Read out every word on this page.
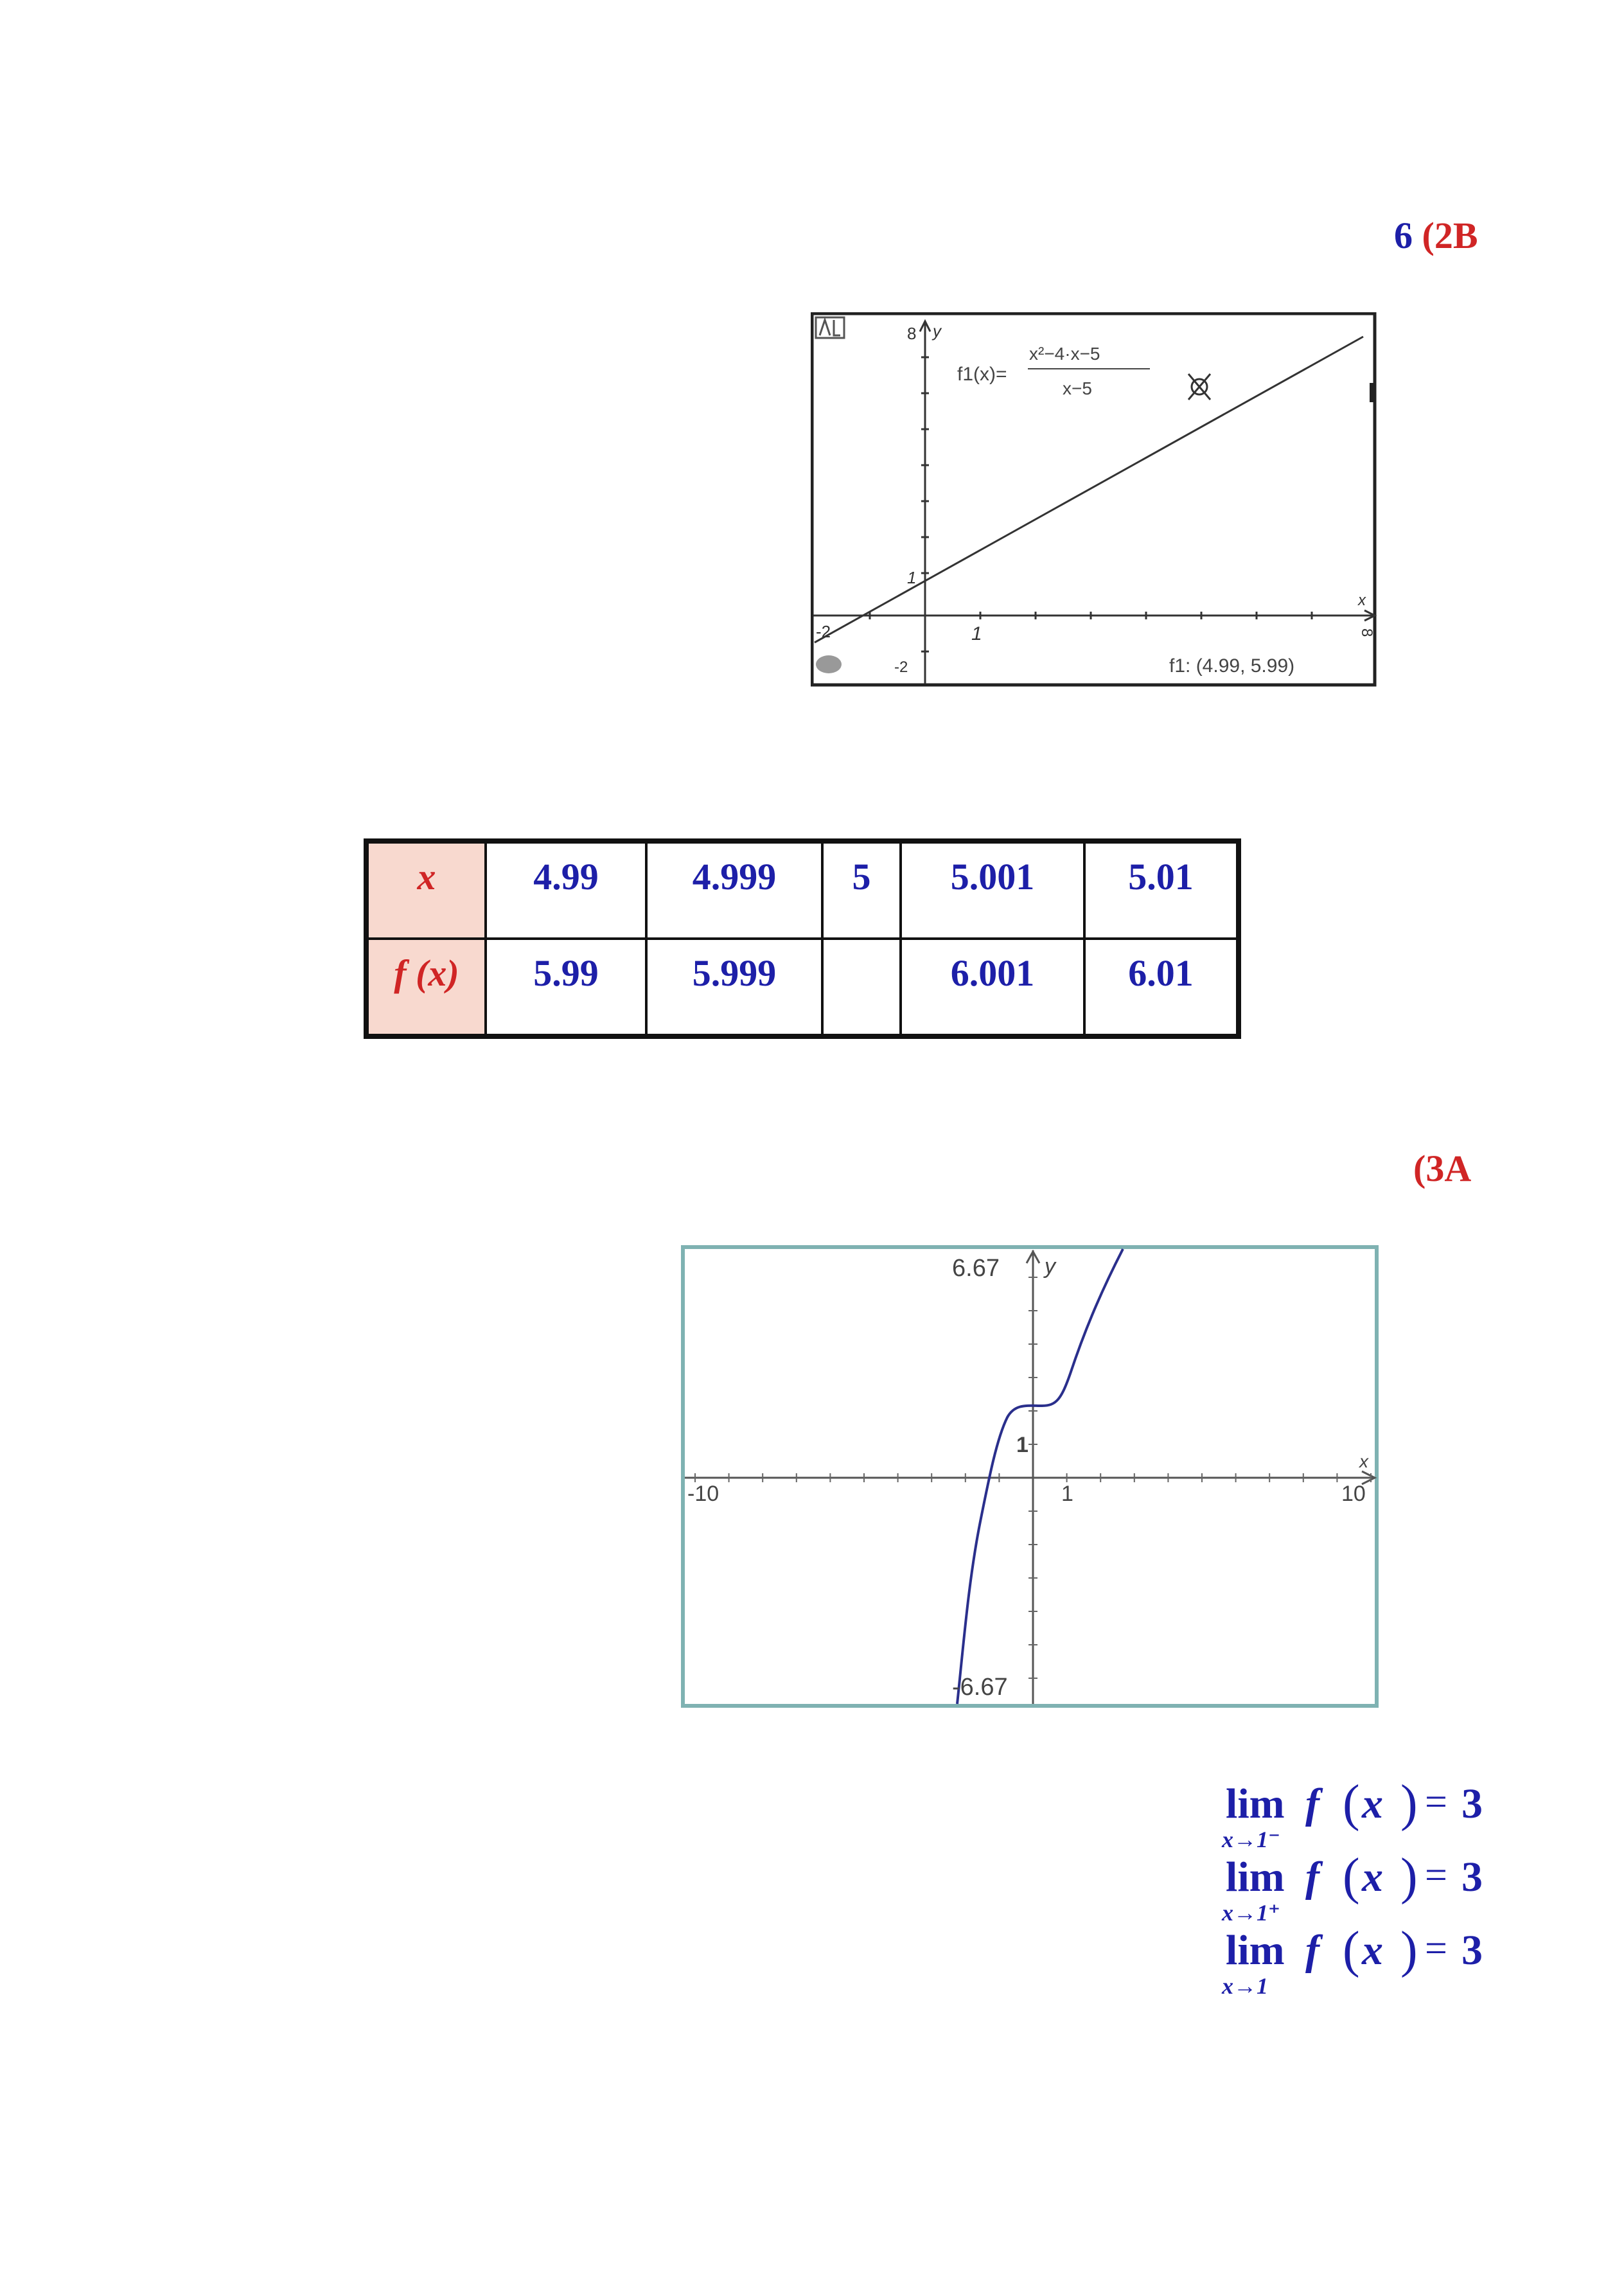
6 (2B
8 y
1
-2
-2	1	8
x
f1(x)=
x²−4·x−5
x−5
f1: (4.99, 5.99)
x	4.99	4.999	5	5.001	5.01

f (x)	5.99	5.999		6.001	6.01
(3A
6.67 y
-6.67
1
-10	10
1
x
lim f ( x ) = 3
x→1⁻
lim f ( x ) = 3
x→1⁺
lim f ( x ) = 3
x→1
